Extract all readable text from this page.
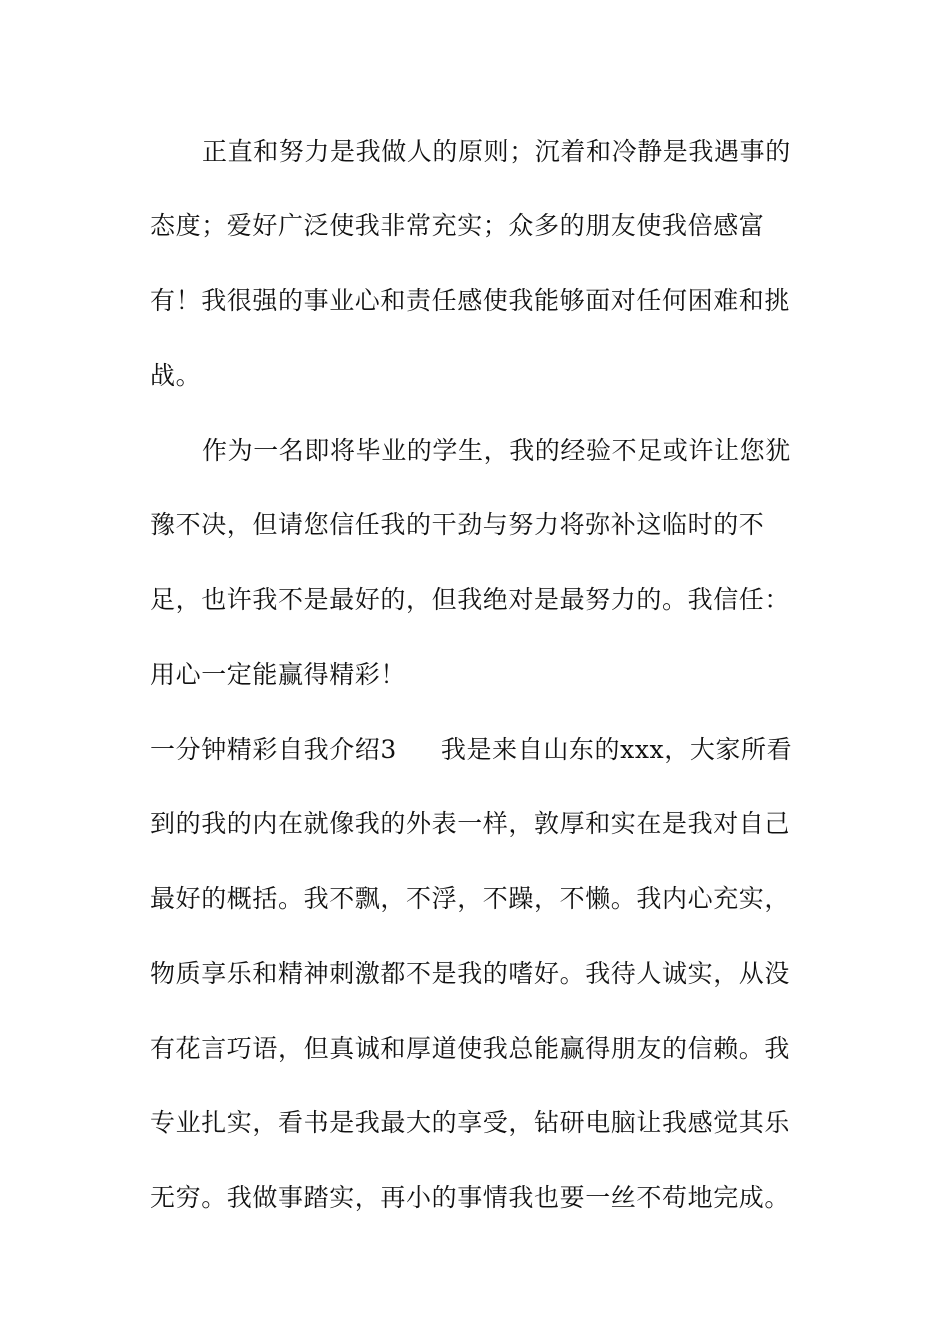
正直和努力是我做人的原则；沉着和冷静是我遇事的
态度；爱好广泛使我非常充实；众多的朋友使我倍感富
有！我很强的事业心和责任感使我能够面对任何困难和挑
战。
作为一名即将毕业的学生，我的经验不足或许让您犹
豫不决，但请您信任我的干劲与努力将弥补这临时的不
足，也许我不是最好的，但我绝对是最努力的。我信任：
用心一定能赢得精彩！
一分钟精彩自我介绍3 我是来自山东的xxx，大家所看
到的我的内在就像我的外表一样，敦厚和实在是我对自己
最好的概括。我不飘，不浮，不躁，不懒。我内心充实，
物质享乐和精神刺激都不是我的嗜好。我待人诚实，从没
有花言巧语，但真诚和厚道使我总能赢得朋友的信赖。我
专业扎实，看书是我最大的享受，钻研电脑让我感觉其乐
无穷。我做事踏实，再小的事情我也要一丝不苟地完成。
